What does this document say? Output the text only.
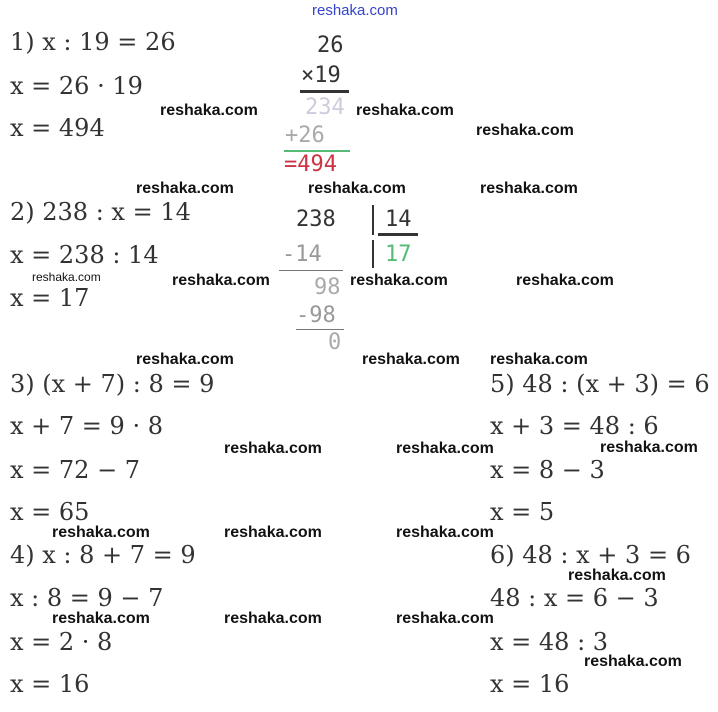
reshaka.com
1) x : 19 = 26
x = 26 · 19
x = 494
26
×19
234
+26
=494
2) 238 : x = 14
x = 238 : 14
x = 17
238 14
17
-14
98
-98
0
3) (x + 7) : 8 = 9
x + 7 = 9 · 8
x = 72 − 7
x = 65
4) x : 8 + 7 = 9
x : 8 = 9 − 7
x = 2 · 8
x = 16
5) 48 : (x + 3) = 6
x + 3 = 48 : 6
x = 8 − 3
x = 5
6) 48 : x + 3 = 6
48 : x = 6 − 3
x = 48 : 3
x = 16
reshaka.com	reshaka.com
reshaka.com
reshaka.com	reshaka.com	reshaka.com
reshaka.com	reshaka.com	reshaka.com	reshaka.com
reshaka.com	reshaka.com reshaka.com
reshaka.com	reshaka.com	reshaka.com
reshaka.com	reshaka.com	reshaka.com
reshaka.com
reshaka.com	reshaka.com	reshaka.com
reshaka.com
